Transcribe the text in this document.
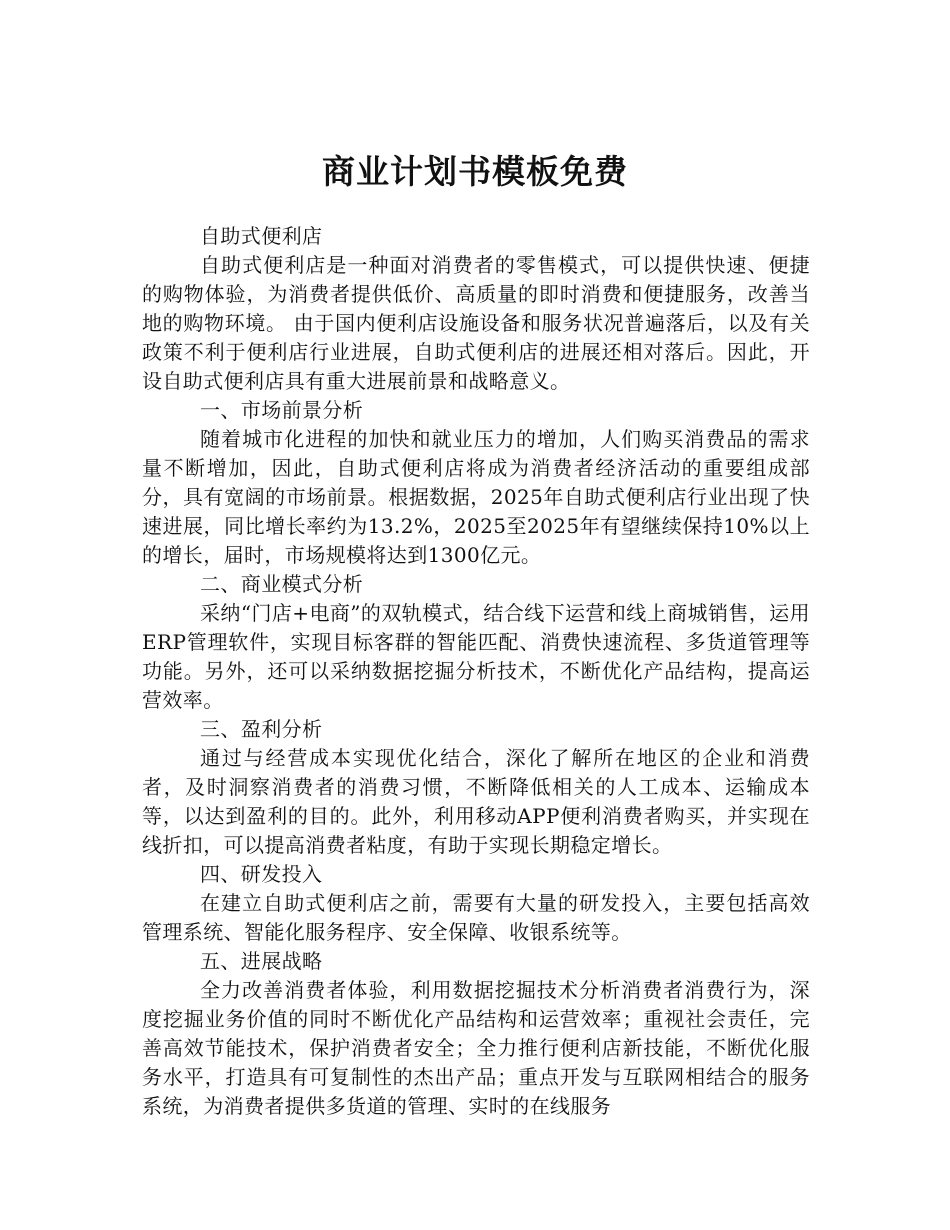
商业计划书模板免费

自助式便利店

自助式便利店是一种面对消费者的零售模式，可以提供快速、便捷的购物体验，为消费者提供低价、高质量的即时消费和便捷服务，改善当地的购物环境。 由于国内便利店设施设备和服务状况普遍落后，以及有关政策不利于便利店行业进展，自助式便利店的进展还相对落后。因此，开设自助式便利店具有重大进展前景和战略意义。

一、市场前景分析

随着城市化进程的加快和就业压力的增加，人们购买消费品的需求量不断增加，因此，自助式便利店将成为消费者经济活动的重要组成部分，具有宽阔的市场前景。根据数据，2025年自助式便利店行业出现了快速进展，同比增长率约为13.2%，2025至2025年有望继续保持10%以上的增长，届时，市场规模将达到1300亿元。

二、商业模式分析

采纳“门店+电商”的双轨模式，结合线下运营和线上商城销售，运用ERP管理软件，实现目标客群的智能匹配、消费快速流程、多货道管理等功能。另外，还可以采纳数据挖掘分析技术，不断优化产品结构，提高运营效率。

三、盈利分析

通过与经营成本实现优化结合，深化了解所在地区的企业和消费者，及时洞察消费者的消费习惯，不断降低相关的人工成本、运输成本等，以达到盈利的目的。此外，利用移动APP便利消费者购买，并实现在线折扣，可以提高消费者粘度，有助于实现长期稳定增长。

四、研发投入

在建立自助式便利店之前，需要有大量的研发投入，主要包括高效管理系统、智能化服务程序、安全保障、收银系统等。

五、进展战略

全力改善消费者体验，利用数据挖掘技术分析消费者消费行为，深度挖掘业务价值的同时不断优化产品结构和运营效率；重视社会责任，完善高效节能技术，保护消费者安全；全力推行便利店新技能，不断优化服务水平，打造具有可复制性的杰出产品；重点开发与互联网相结合的服务系统，为消费者提供多货道的管理、实时的在线服务
